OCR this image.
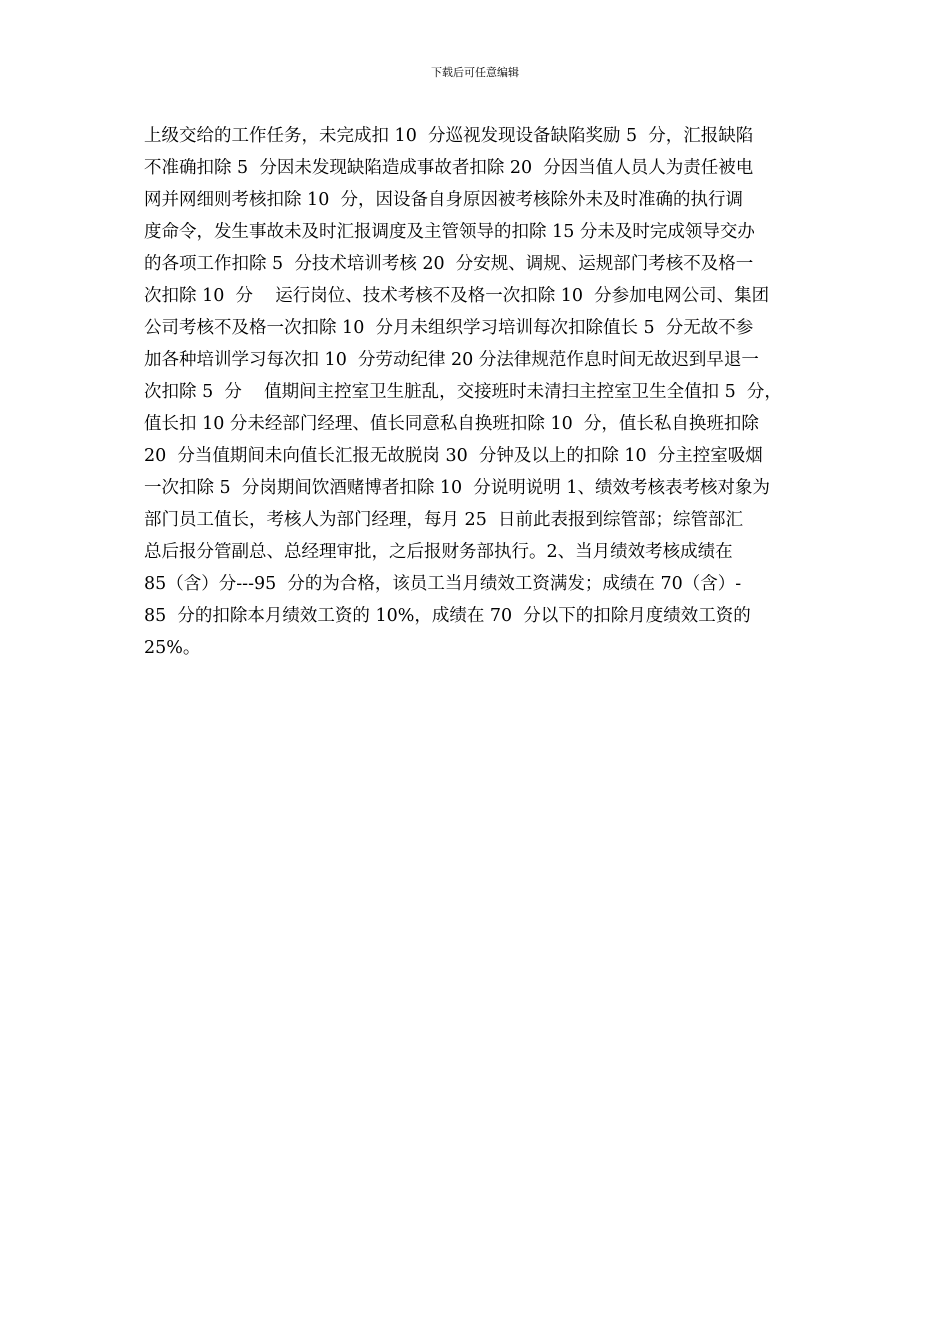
下载后可任意编辑
上级交给的工作任务，未完成扣 10  分巡视发现设备缺陷奖励 5  分，汇报缺陷
不准确扣除 5  分因未发现缺陷造成事故者扣除 20  分因当值人员人为责任被电
网并网细则考核扣除 10  分，因设备自身原因被考核除外未及时准确的执行调
度命令，发生事故未及时汇报调度及主管领导的扣除 15 分未及时完成领导交办
的各项工作扣除 5  分技术培训考核 20  分安规、调规、运规部门考核不及格一
次扣除 10  分    运行岗位、技术考核不及格一次扣除 10  分参加电网公司、集团
公司考核不及格一次扣除 10  分月未组织学习培训每次扣除值长 5  分无故不参
加各种培训学习每次扣 10  分劳动纪律 20 分法律规范作息时间无故迟到早退一
次扣除 5  分    值期间主控室卫生脏乱，交接班时未清扫主控室卫生全值扣 5  分，
值长扣 10 分未经部门经理、值长同意私自换班扣除 10  分，值长私自换班扣除
20  分当值期间未向值长汇报无故脱岗 30  分钟及以上的扣除 10  分主控室吸烟
一次扣除 5  分岗期间饮酒赌博者扣除 10  分说明说明 1、绩效考核表考核对象为
部门员工值长，考核人为部门经理，每月 25  日前此表报到综管部；综管部汇
总后报分管副总、总经理审批，之后报财务部执行。2、当月绩效考核成绩在
85（含）分---95  分的为合格，该员工当月绩效工资满发；成绩在 70（含）-
85  分的扣除本月绩效工资的 10%，成绩在 70  分以下的扣除月度绩效工资的
25%。
